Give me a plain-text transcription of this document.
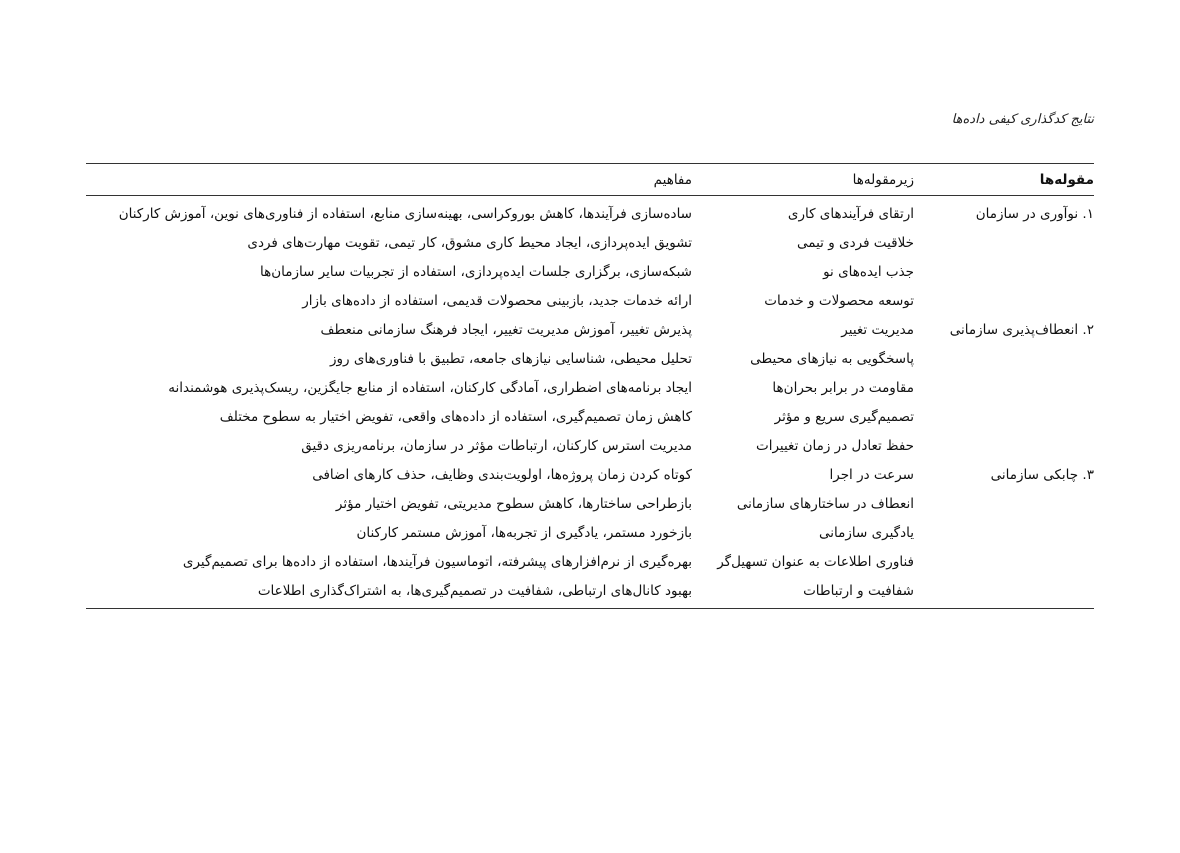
نتایج کدگذاری کیفی داده‌ها
مقوله‌ها
زیرمقوله‌ها
مفاهیم
۱. نوآوری در سازمان
ارتقای فرآیندهای کاری
ساده‌سازی فرآیندها، کاهش بوروکراسی، بهینه‌سازی منابع، استفاده از فناوری‌های نوین، آموزش کارکنان
خلاقیت فردی و تیمی
تشویق ایده‌پردازی، ایجاد محیط کاری مشوق، کار تیمی، تقویت مهارت‌های فردی
جذب ایده‌های نو
شبکه‌سازی، برگزاری جلسات ایده‌پردازی، استفاده از تجربیات سایر سازمان‌ها
توسعه محصولات و خدمات
ارائه خدمات جدید، بازبینی محصولات قدیمی، استفاده از داده‌های بازار
۲. انعطاف‌پذیری سازمانی
مدیریت تغییر
پذیرش تغییر، آموزش مدیریت تغییر، ایجاد فرهنگ سازمانی منعطف
پاسخگویی به نیازهای محیطی
تحلیل محیطی، شناسایی نیازهای جامعه، تطبیق با فناوری‌های روز
مقاومت در برابر بحران‌ها
ایجاد برنامه‌های اضطراری، آمادگی کارکنان، استفاده از منابع جایگزین، ریسک‌پذیری هوشمندانه
تصمیم‌گیری سریع و مؤثر
کاهش زمان تصمیم‌گیری، استفاده از داده‌های واقعی، تفویض اختیار به سطوح مختلف
حفظ تعادل در زمان تغییرات
مدیریت استرس کارکنان، ارتباطات مؤثر در سازمان، برنامه‌ریزی دقیق
۳. چابکی سازمانی
سرعت در اجرا
کوتاه کردن زمان پروژه‌ها، اولویت‌بندی وظایف، حذف کارهای اضافی
انعطاف در ساختارهای سازمانی
بازطراحی ساختارها، کاهش سطوح مدیریتی، تفویض اختیار مؤثر
یادگیری سازمانی
بازخورد مستمر، یادگیری از تجربه‌ها، آموزش مستمر کارکنان
فناوری اطلاعات به عنوان تسهیل‌گر
بهره‌گیری از نرم‌افزارهای پیشرفته، اتوماسیون فرآیندها، استفاده از داده‌ها برای تصمیم‌گیری
شفافیت و ارتباطات
بهبود کانال‌های ارتباطی، شفافیت در تصمیم‌گیری‌ها، به اشتراک‌گذاری اطلاعات
